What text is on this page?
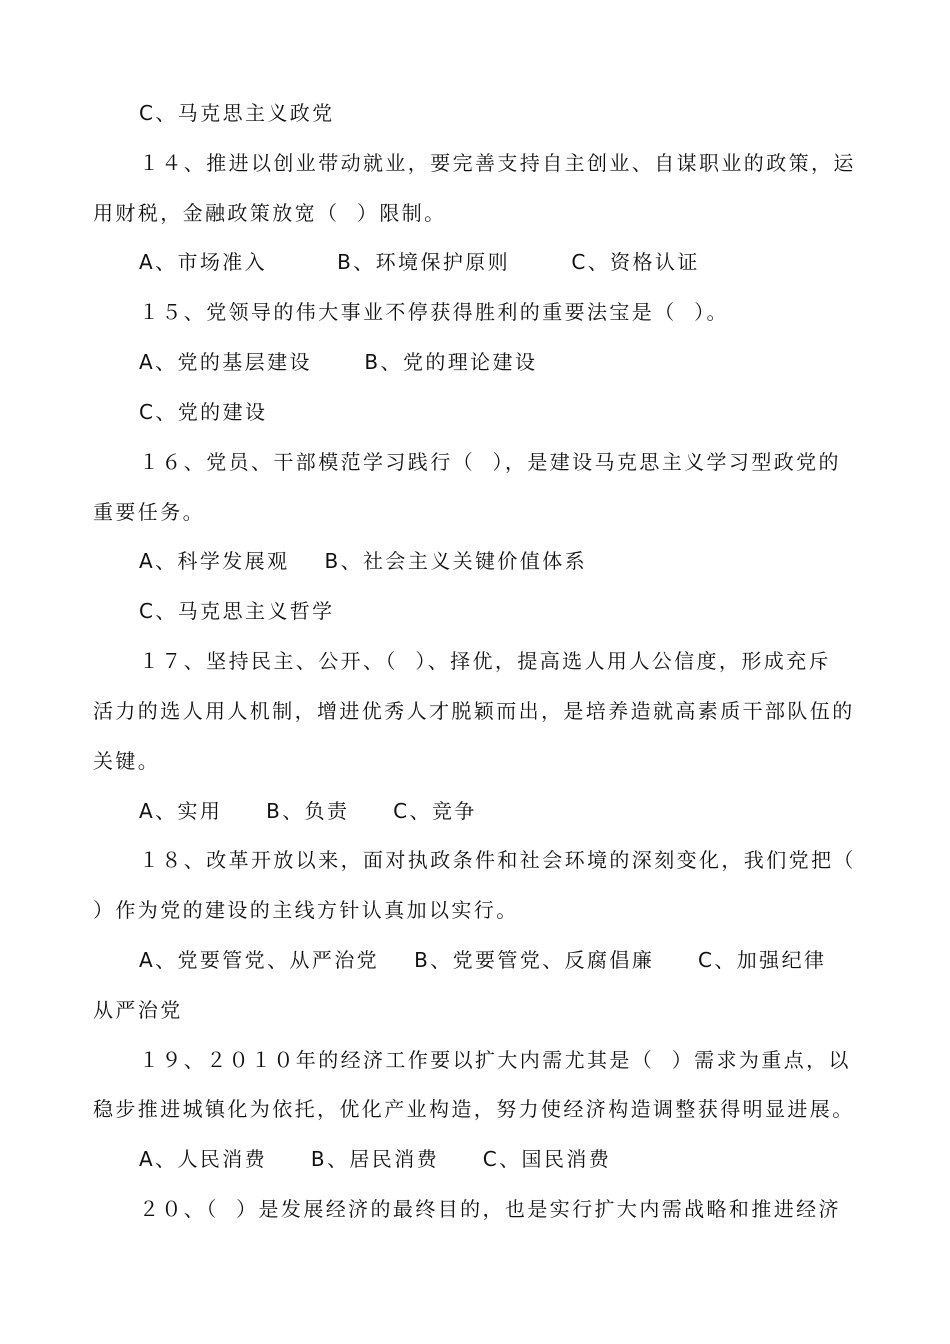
C、马克思主义政党
１４、推进以创业带动就业，要完善支持自主创业、自谋职业的政策，运
用财税，金融政策放宽（  ）限制。
A、市场准入        B、环境保护原则       C、资格认证
１５、党领导的伟大事业不停获得胜利的重要法宝是（  ）。
A、党的基层建设      B、党的理论建设
C、党的建设
１６、党员、干部模范学习践行（  ），是建设马克思主义学习型政党的
重要任务。
A、科学发展观    B、社会主义关键价值体系
C、马克思主义哲学
１７、坚持民主、公开、（  ）、择优，提高选人用人公信度，形成充斥
活力的选人用人机制，增进优秀人才脱颖而出，是培养造就高素质干部队伍的
关键。
A、实用     B、负责     C、竞争
１８、改革开放以来，面对执政条件和社会环境的深刻变化，我们党把（
）作为党的建设的主线方针认真加以实行。
A、党要管党、从严治党    B、党要管党、反腐倡廉     C、加强纪律
从严治党
１９、２０１０年的经济工作要以扩大内需尤其是（  ）需求为重点，以
稳步推进城镇化为依托，优化产业构造，努力使经济构造调整获得明显进展。
A、人民消费     B、居民消费     C、国民消费
２０、（  ）是发展经济的最终目的，也是实行扩大内需战略和推进经济
